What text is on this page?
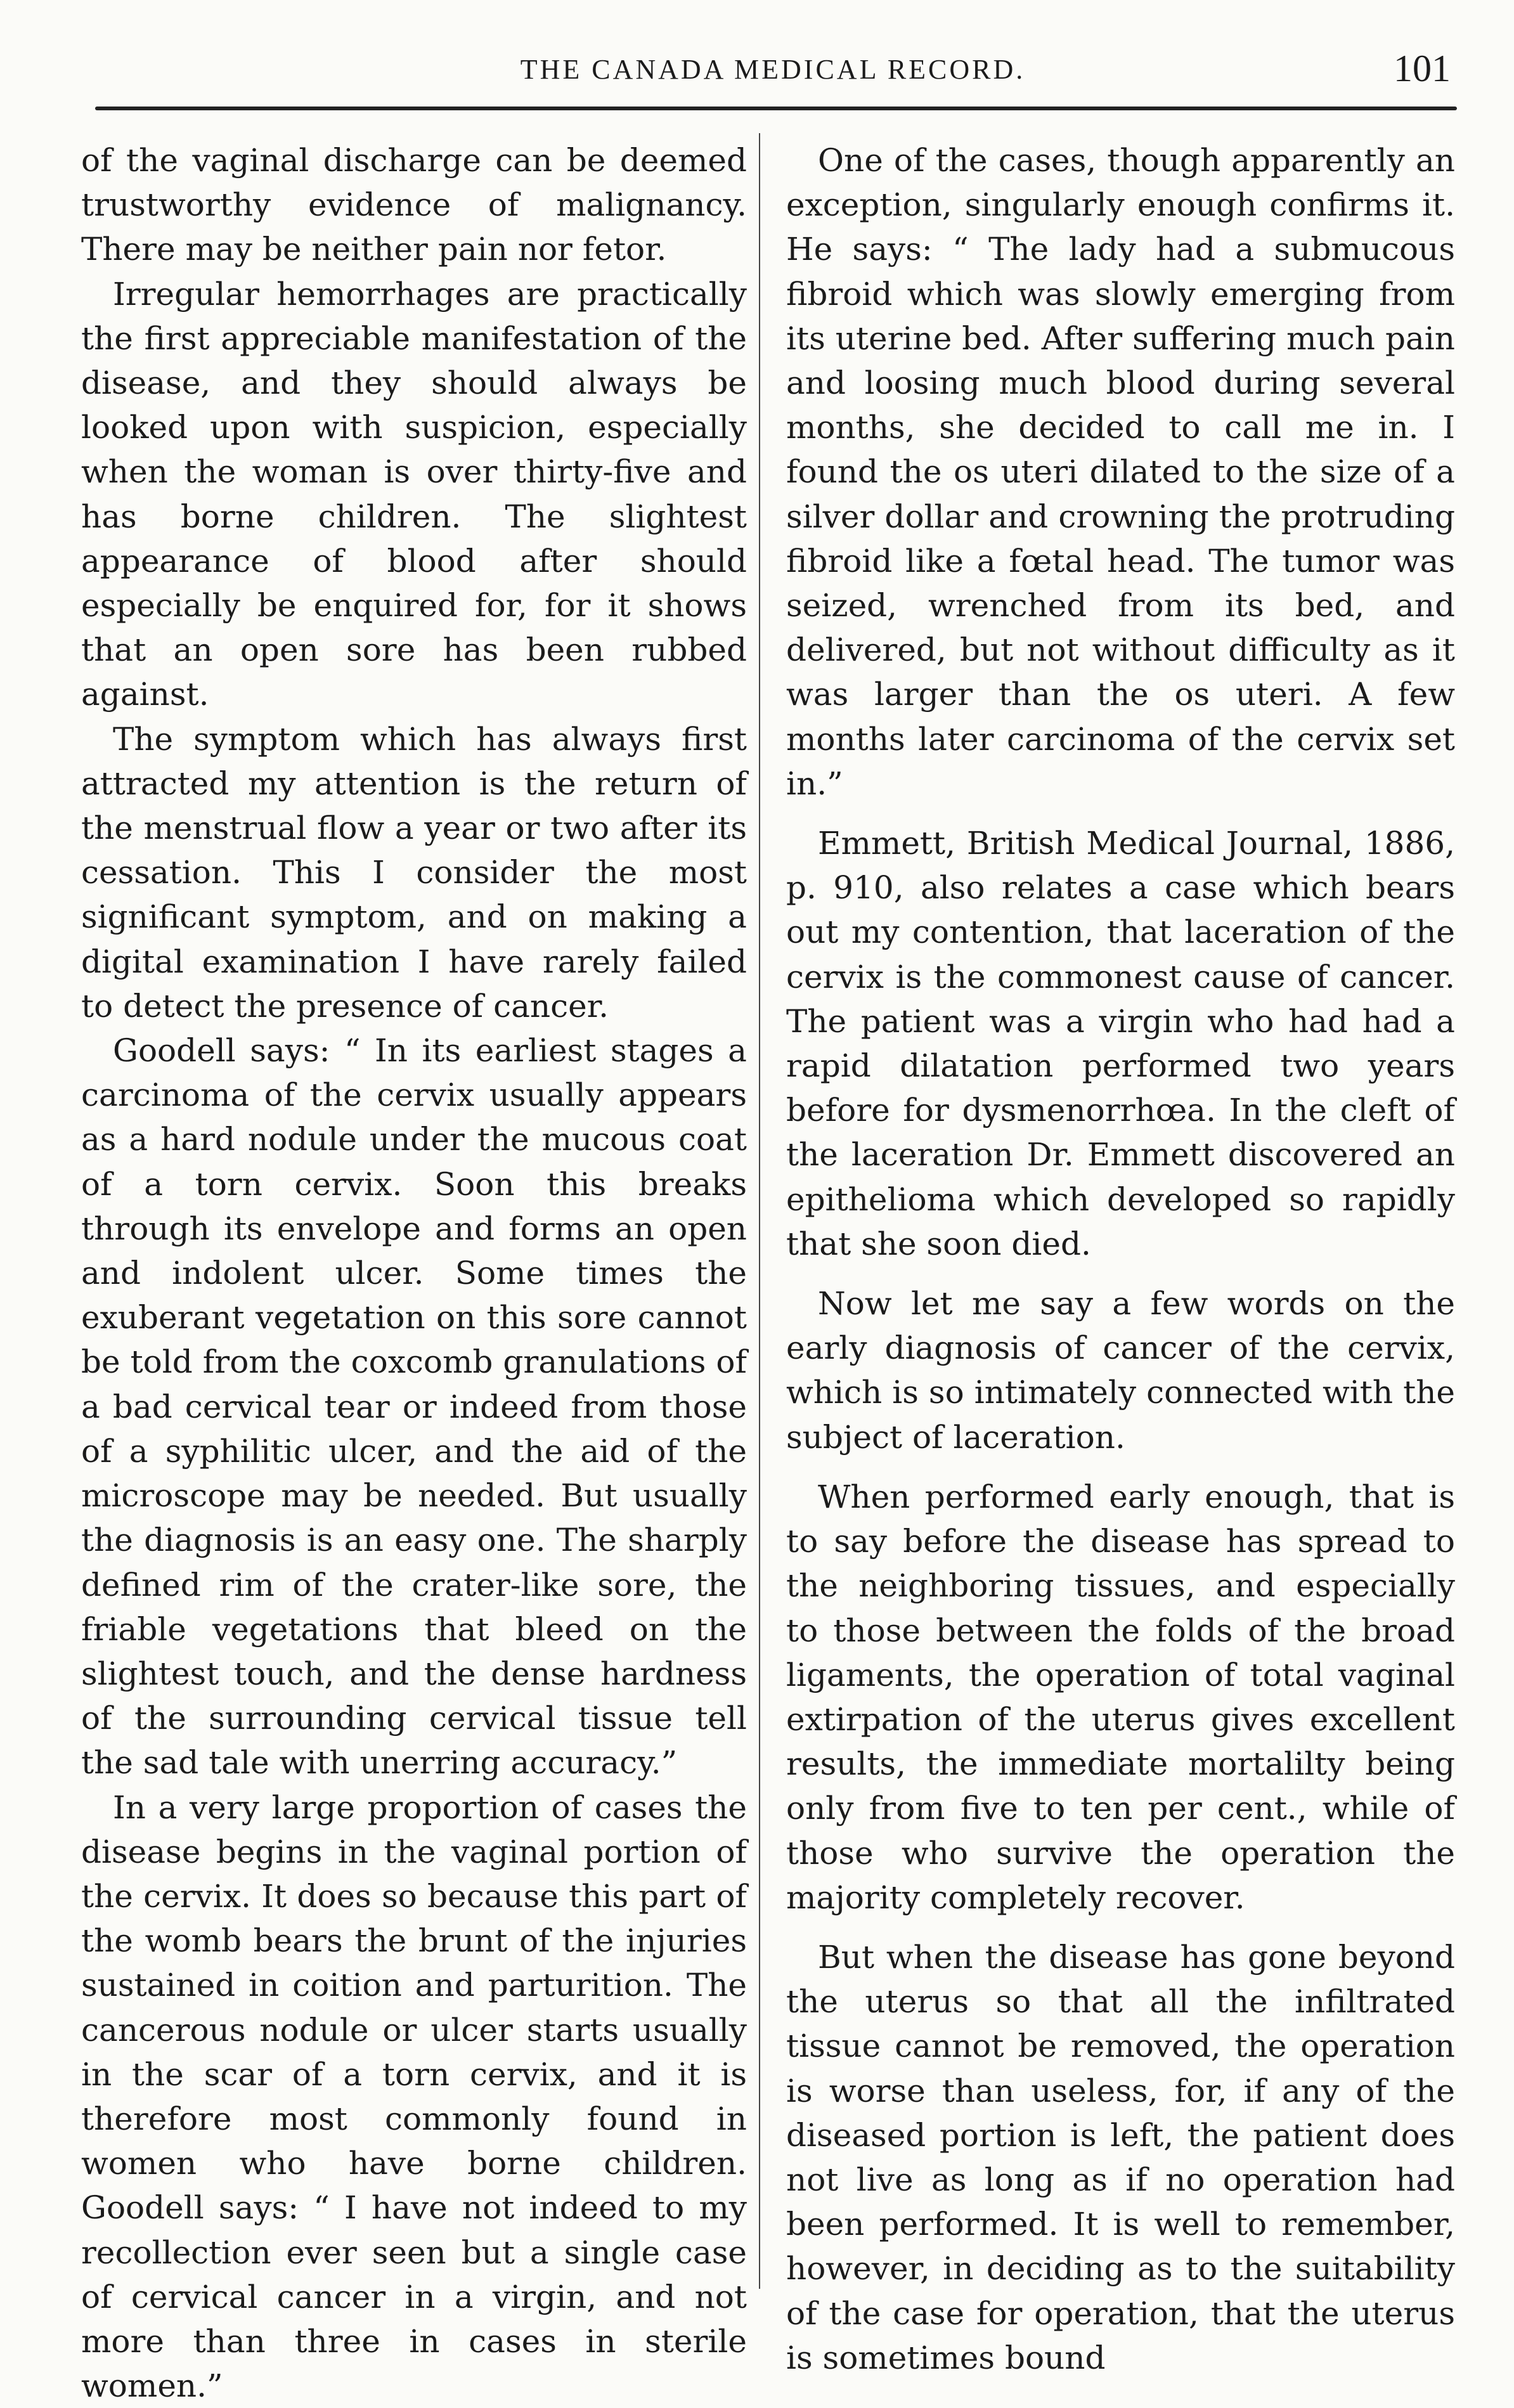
THE CANADA MEDICAL RECORD.	101

of the vaginal discharge can be deemed trustworthy evidence of malignancy. There may be neither pain nor fetor.

Irregular hemorrhages are practically the first appreciable manifestation of the disease, and they should always be looked upon with suspicion, especially when the woman is over thirty-five and has borne children. The slightest appearance of blood after should especially be enquired for, for it shows that an open sore has been rubbed against.

The symptom which has always first attracted my attention is the return of the menstrual flow a year or two after its cessation. This I consider the most significant symptom, and on making a digital examination I have rarely failed to detect the presence of cancer.

Goodell says: “ In its earliest stages a carcinoma of the cervix usually appears as a hard nodule under the mucous coat of a torn cervix. Soon this breaks through its envelope and forms an open and indolent ulcer. Some times the exuberant vegetation on this sore cannot be told from the coxcomb granulations of a bad cervical tear or indeed from those of a syphilitic ulcer, and the aid of the microscope may be needed. But usually the diagnosis is an easy one. The sharply defined rim of the crater-like sore, the friable vegetations that bleed on the slightest touch, and the dense hardness of the surrounding cervical tissue tell the sad tale with unerring accuracy.”

In a very large proportion of cases the disease begins in the vaginal portion of the cervix. It does so because this part of the womb bears the brunt of the injuries sustained in coition and parturition. The cancerous nodule or ulcer starts usually in the scar of a torn cervix, and it is therefore most commonly found in women who have borne children. Goodell says: “ I have not indeed to my recollection ever seen but a single case of cervical cancer in a virgin, and not more than three in cases in sterile women.”

One of the cases, though apparently an exception, singularly enough confirms it. He says: “ The lady had a submucous fibroid which was slowly emerging from its uterine bed. After suffering much pain and loosing much blood during several months, she decided to call me in. I found the os uteri dilated to the size of a silver dollar and crowning the protruding fibroid like a fœtal head. The tumor was seized, wrenched from its bed, and delivered, but not without difficulty as it was larger than the os uteri. A few months later carcinoma of the cervix set in.”

Emmett, British Medical Journal, 1886, p. 910, also relates a case which bears out my contention, that laceration of the cervix is the commonest cause of cancer. The patient was a virgin who had had a rapid dilatation performed two years before for dysmenorrhœa. In the cleft of the laceration Dr. Emmett discovered an epithelioma which developed so rapidly that she soon died.

Now let me say a few words on the early diagnosis of cancer of the cervix, which is so intimately connected with the subject of laceration.

When performed early enough, that is to say before the disease has spread to the neighboring tissues, and especially to those between the folds of the broad ligaments, the operation of total vaginal extirpation of the uterus gives excellent results, the immediate mortalilty being only from five to ten per cent., while of those who survive the operation the majority completely recover.

But when the disease has gone beyond the uterus so that all the infiltrated tissue cannot be removed, the operation is worse than useless, for, if any of the diseased portion is left, the patient does not live as long as if no operation had been performed. It is well to remember, however, in deciding as to the suitability of the case for operation, that the uterus is sometimes bound
